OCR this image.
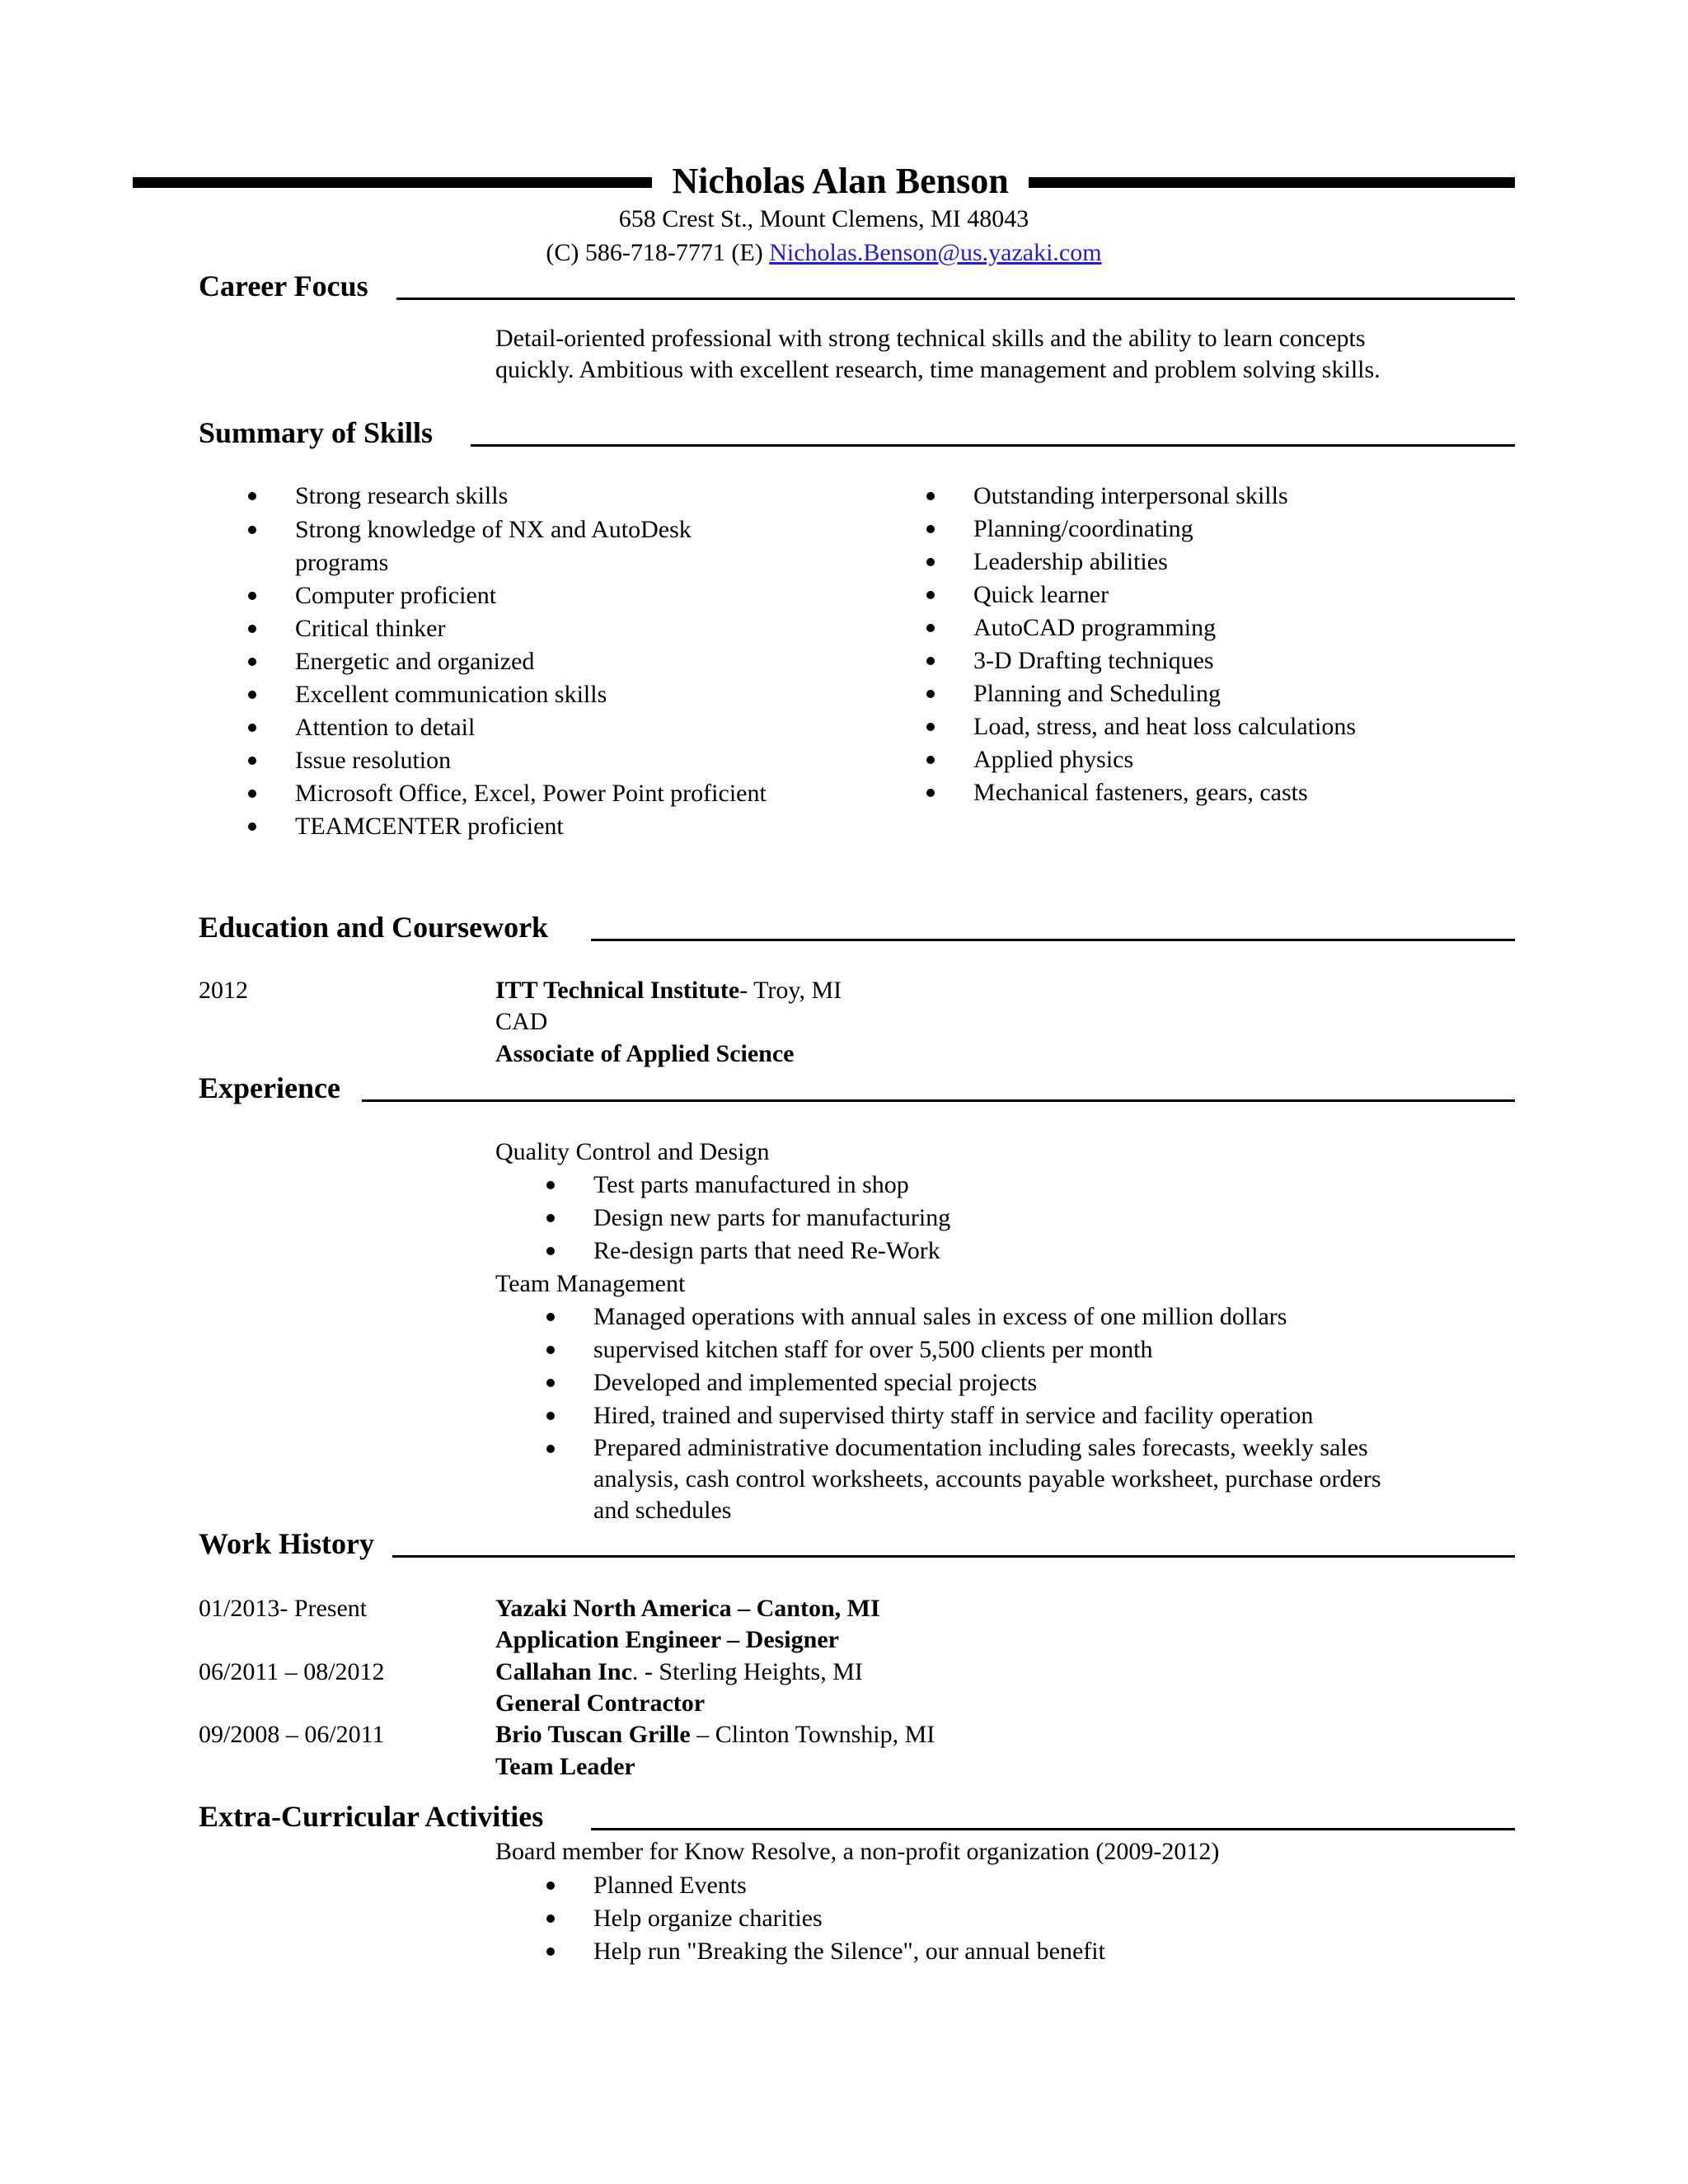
Nicholas Alan Benson
658 Crest St., Mount Clemens, MI 48043
(C) 586-718-7771 (E) Nicholas.Benson@us.yazaki.com
Career Focus
Detail-oriented professional with strong technical skills and the ability to learn concepts
quickly. Ambitious with excellent research, time management and problem solving skills.
Summary of Skills
Strong research skills
Strong knowledge of NX and AutoDesk programs
Computer proficient
Critical thinker
Energetic and organized
Excellent communication skills
Attention to detail
Issue resolution
Microsoft Office, Excel, Power Point proficient
TEAMCENTER proficient
Outstanding interpersonal skills
Planning/coordinating
Leadership abilities
Quick learner
AutoCAD programming
3-D Drafting techniques
Planning and Scheduling
Load, stress, and heat loss calculations
Applied physics
Mechanical fasteners, gears, casts
Education and Coursework
2012	ITT Technical Institute- Troy, MI
CAD
Associate of Applied Science
Experience
Quality Control and Design
Test parts manufactured in shop
Design new parts for manufacturing
Re-design parts that need Re-Work
Team Management
Managed operations with annual sales in excess of one million dollars
supervised kitchen staff for over 5,500 clients per month
Developed and implemented special projects
Hired, trained and supervised thirty staff in service and facility operation
Prepared administrative documentation including sales forecasts, weekly sales
analysis, cash control worksheets, accounts payable worksheet, purchase orders
and schedules
Work History
01/2013- Present	Yazaki North America – Canton, MI
Application Engineer – Designer
06/2011 – 08/2012	Callahan Inc. - Sterling Heights, MI
General Contractor
09/2008 – 06/2011	Brio Tuscan Grille – Clinton Township, MI
Team Leader
Extra-Curricular Activities
Board member for Know Resolve, a non-profit organization (2009-2012)
Planned Events
Help organize charities
Help run "Breaking the Silence", our annual benefit
